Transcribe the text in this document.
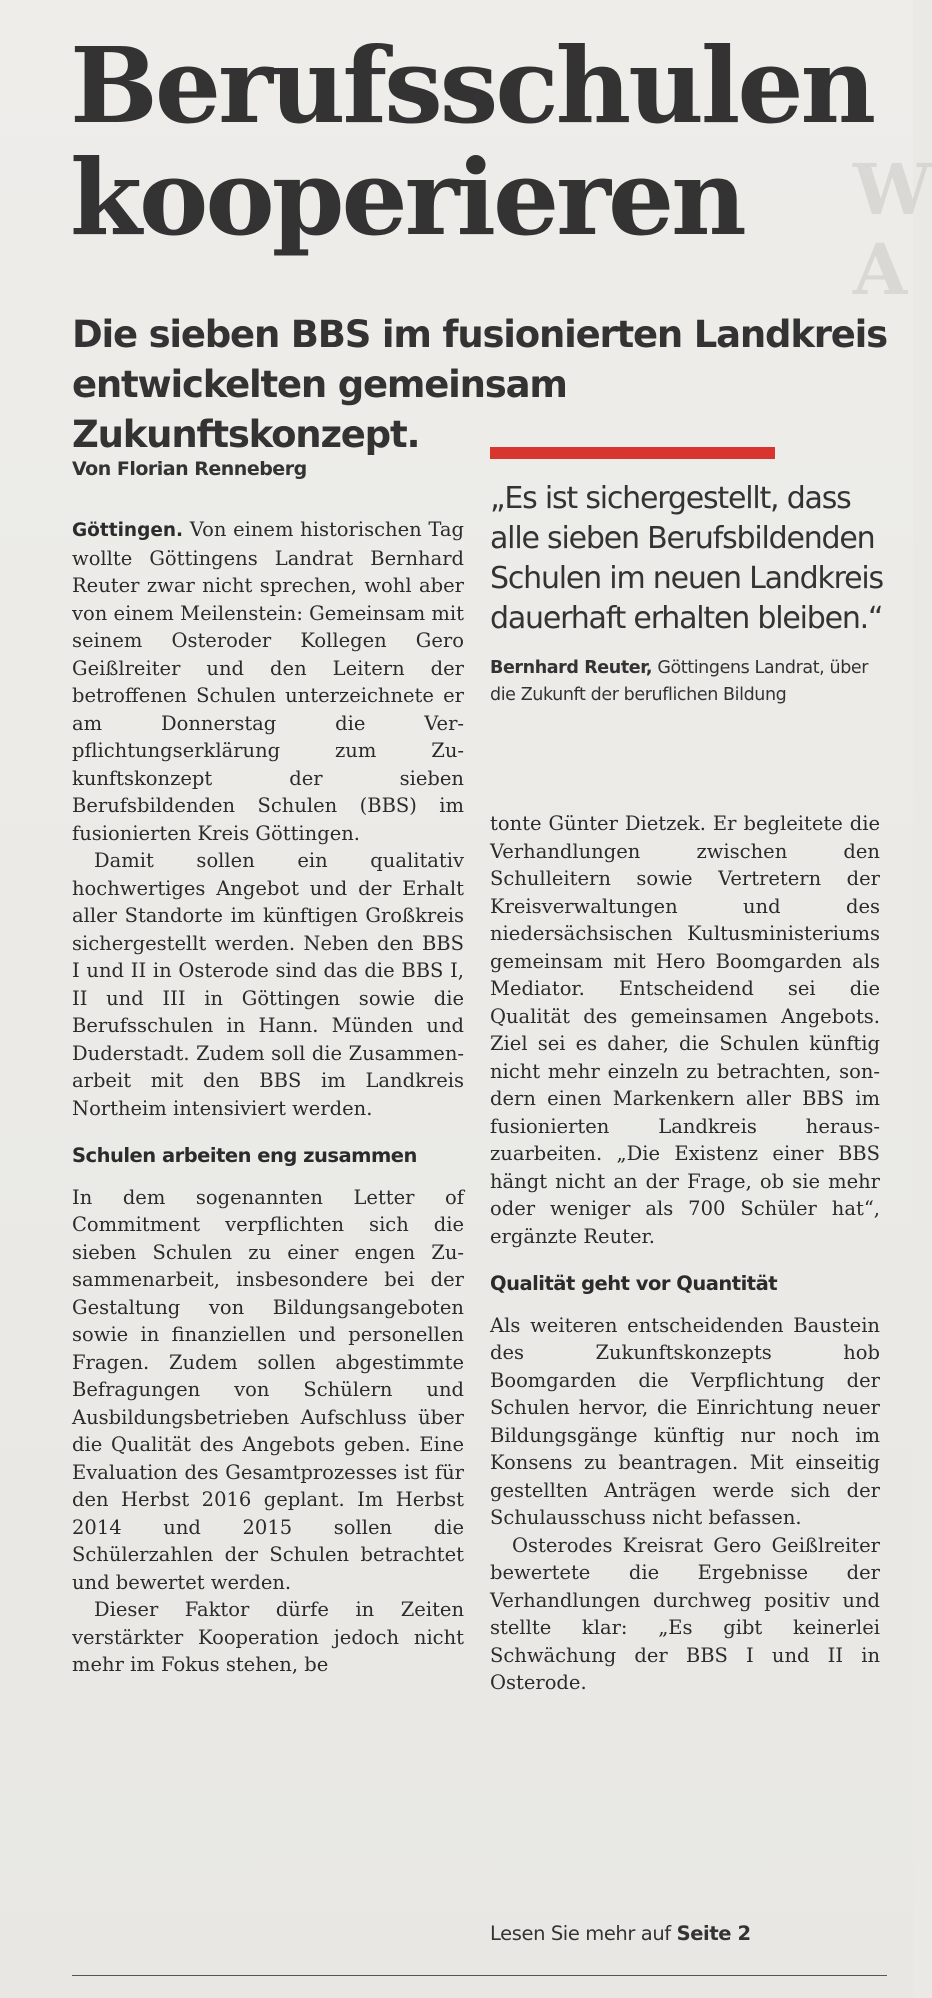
W
A
Berufsschulen kooperieren
Die sieben BBS im fusionierten Landkreis entwickelten gemeinsam Zukunftskonzept.
Von Florian Renneberg

Göttingen. Von einem historischen Tag wollte Göttingens Landrat Bernhard Reuter zwar nicht sprechen, wohl aber von einem Meilenstein: Gemeinsam mit seinem Osteroder Kollegen Gero Geißlreiter und den Leitern der betroffenen Schulen unterzeichnete er am Donnerstag die Verpflichtungserklärung zum Zukunftskonzept der sieben Berufsbildenden Schulen (BBS) im fusionierten Kreis Göttingen.

Damit sollen ein qualitativ hochwertiges Angebot und der Erhalt aller Standorte im künftigen Großkreis sichergestellt werden. Neben den BBS I und II in Osterode sind das die BBS I, II und III in Göttingen sowie die Berufsschulen in Hann. Münden und Duderstadt. Zudem soll die Zusammenarbeit mit den BBS im Landkreis Northeim intensiviert werden.

Schulen arbeiten eng zusammen

In dem sogenannten Letter of Commitment verpflichten sich die sieben Schulen zu einer engen Zusammenarbeit, insbesondere bei der Gestaltung von Bildungsangeboten sowie in finanziellen und personellen Fragen. Zudem sollen abgestimmte Befragungen von Schülern und Ausbildungsbetrieben Aufschluss über die Qualität des Angebots geben. Eine Evaluation des Gesamtprozesses ist für den Herbst 2016 geplant. Im Herbst 2014 und 2015 sollen die Schülerzahlen der Schulen betrachtet und bewertet werden.

Dieser Faktor dürfe in Zeiten verstärkter Kooperation jedoch nicht mehr im Fokus stehen, be

„Es ist sichergestellt, dass alle sieben Berufsbildenden Schulen im neuen Landkreis dauerhaft erhalten bleiben.“

Bernhard Reuter, Göttingens Landrat, über die Zukunft der beruflichen Bildung

tonte Günter Dietzek. Er begleitete die Verhandlungen zwischen den Schulleitern sowie Vertretern der Kreisverwaltungen und des niedersächsischen Kultusministeriums gemeinsam mit Hero Boomgarden als Mediator. Entscheidend sei die Qualität des gemeinsamen Angebots. Ziel sei es daher, die Schulen künftig nicht mehr einzeln zu betrachten, sondern einen Markenkern aller BBS im fusionierten Landkreis herauszuarbeiten. „Die Existenz einer BBS hängt nicht an der Frage, ob sie mehr oder weniger als 700 Schüler hat“, ergänzte Reuter.

Qualität geht vor Quantität

Als weiteren entscheidenden Baustein des Zukunftskonzepts hob Boomgarden die Verpflichtung der Schulen hervor, die Einrichtung neuer Bildungsgänge künftig nur noch im Konsens zu beantragen. Mit einseitig gestellten Anträgen werde sich der Schulausschuss nicht befassen.

Osterodes Kreisrat Gero Geißlreiter bewertete die Ergebnisse der Verhandlungen durchweg positiv und stellte klar: „Es gibt keinerlei Schwächung der BBS I und II in Osterode.

Lesen Sie mehr auf Seite 2
